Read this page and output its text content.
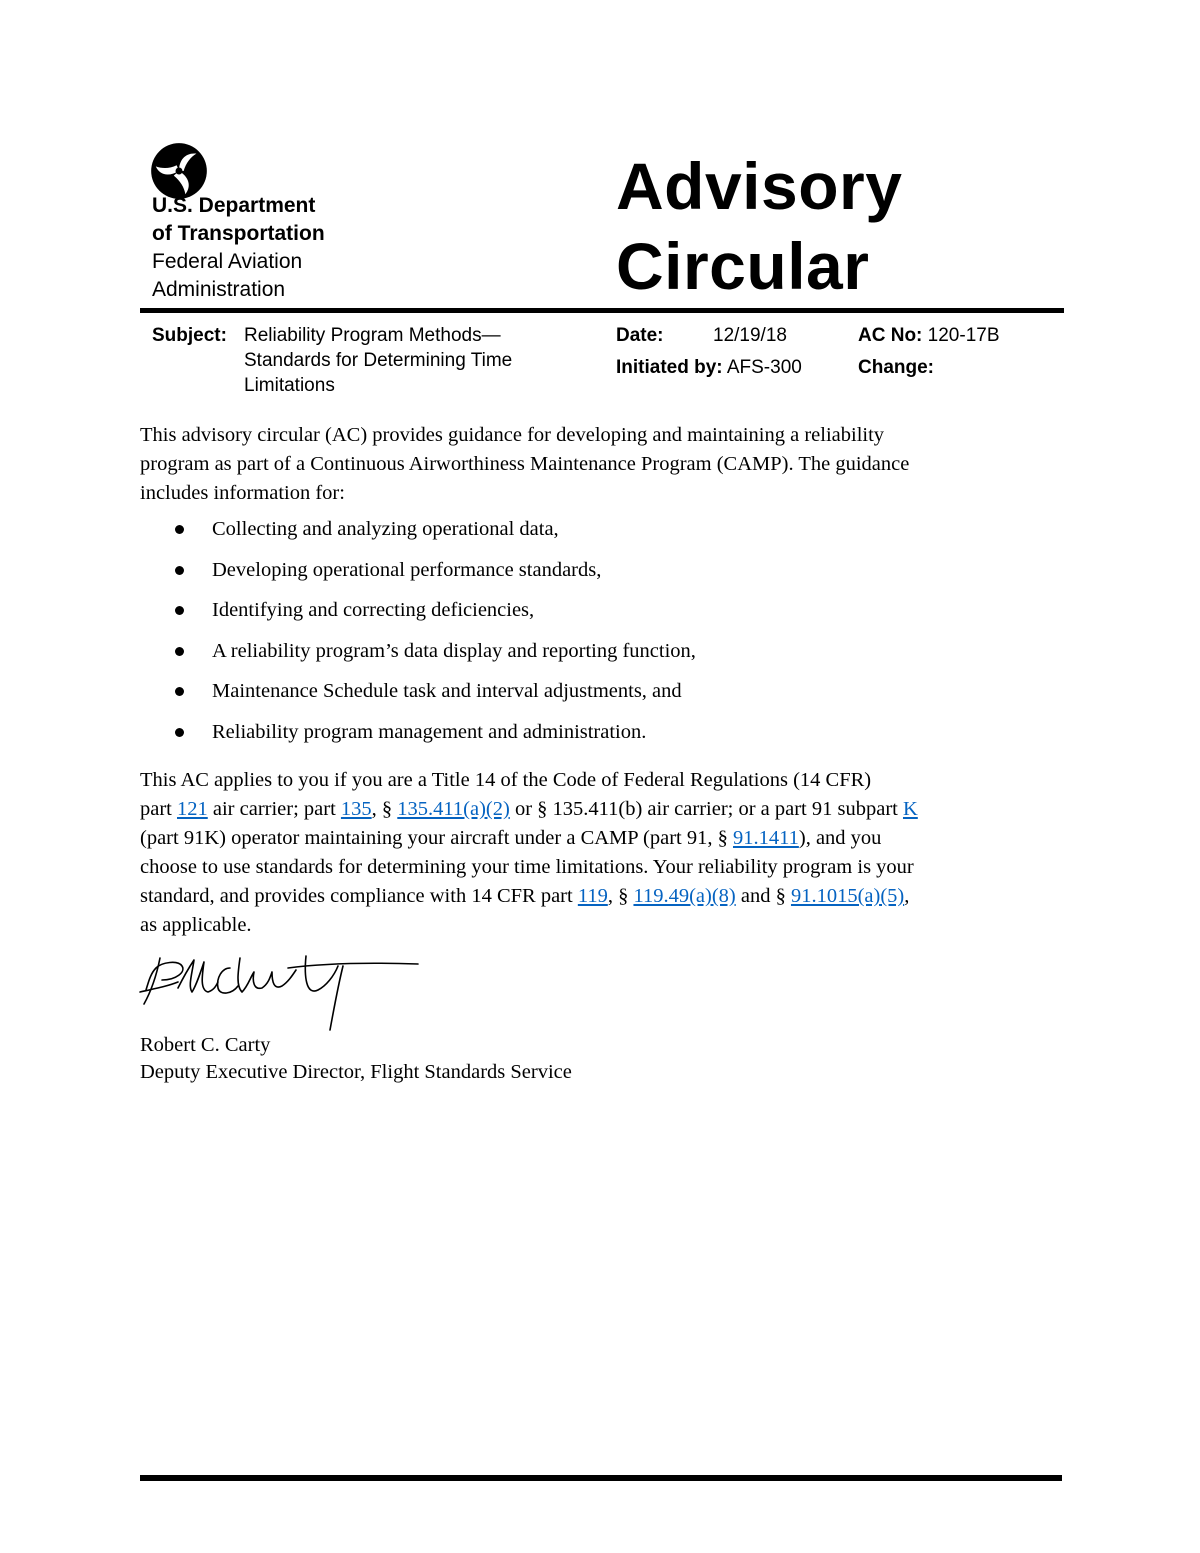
U.S. Department
of Transportation
Federal Aviation
Administration
Advisory
Circular
Subject: Reliability Program Methods—
Standards for Determining Time
Limitations
Date:	12/19/18	AC No: 120-17B
Initiated by: AFS-300	Change:
This advisory circular (AC) provides guidance for developing and maintaining a reliability
program as part of a Continuous Airworthiness Maintenance Program (CAMP). The guidance
includes information for:
Collecting and analyzing operational data,
Developing operational performance standards,
Identifying and correcting deficiencies,
A reliability program’s data display and reporting function,
Maintenance Schedule task and interval adjustments, and
Reliability program management and administration.
This AC applies to you if you are a Title 14 of the Code of Federal Regulations (14 CFR)
part 121 air carrier; part 135, § 135.411(a)(2) or § 135.411(b) air carrier; or a part 91 subpart K
(part 91K) operator maintaining your aircraft under a CAMP (part 91, § 91.1411), and you
choose to use standards for determining your time limitations. Your reliability program is your
standard, and provides compliance with 14 CFR part 119, § 119.49(a)(8) and § 91.1015(a)(5),
as applicable.
Robert C. Carty
Deputy Executive Director, Flight Standards Service
